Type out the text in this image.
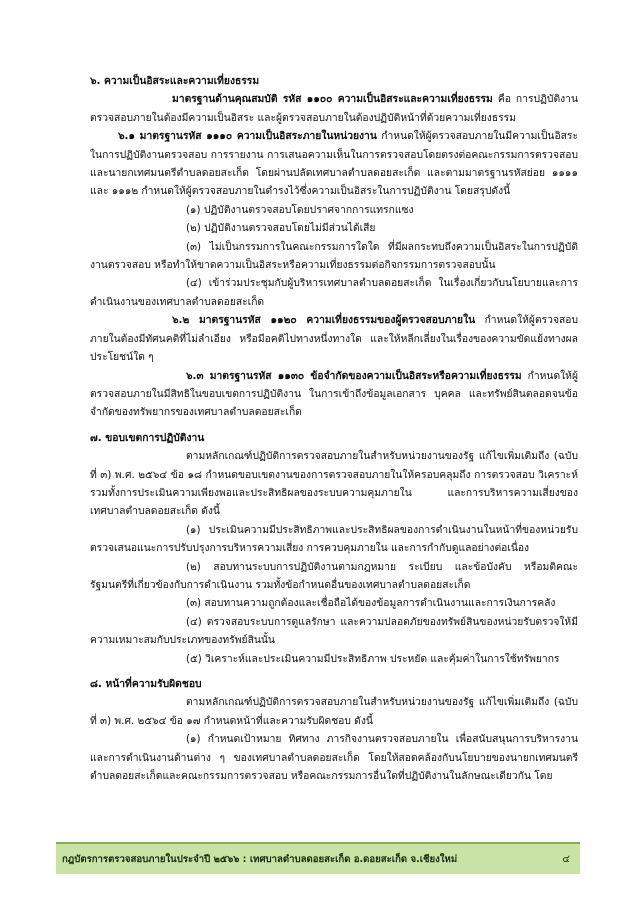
๖. ความเป็นอิสระและความเที่ยงธรรม

มาตรฐานด้านคุณสมบัติ รหัส ๑๑๐๐ ความเป็นอิสระและความเที่ยงธรรม คือ การปฏิบัติงานตรวจสอบภายในต้องมีความเป็นอิสระ และผู้ตรวจสอบภายในต้องปฏิบัติหน้าที่ด้วยความเที่ยงธรรม

๖.๑ มาตรฐานรหัส ๑๑๑๐ ความเป็นอิสระภายในหน่วยงาน กำหนดให้ผู้ตรวจสอบภายในมีความเป็นอิสระในการปฏิบัติงานตรวจสอบ การรายงาน การเสนอความเห็นในการตรวจสอบโดยตรงต่อคณะกรรมการตรวจสอบและนายกเทศมนตรีตำบลดอยสะเก็ด โดยผ่านปลัดเทศบาลตำบลดอยสะเก็ด และตามมาตรฐานรหัสย่อย ๑๑๑๑ และ ๑๑๑๒ กำหนดให้ผู้ตรวจสอบภายในดำรงไว้ซึ่งความเป็นอิสระในการปฏิบัติงาน โดยสรุปดังนี้

(๑) ปฏิบัติงานตรวจสอบโดยปราศจากการแทรกแซง

(๒) ปฏิบัติงานตรวจสอบโดยไม่มีส่วนได้เสีย

(๓) ไม่เป็นกรรมการในคณะกรรมการใดใด ที่มีผลกระทบถึงความเป็นอิสระในการปฏิบัติงานตรวจสอบ หรือทำให้ขาดความเป็นอิสระหรือความเที่ยงธรรมต่อกิจกรรมการตรวจสอบนั้น

(๔) เข้าร่วมประชุมกับผู้บริหารเทศบาลตำบลดอยสะเก็ด ในเรื่องเกี่ยวกับนโยบายและการดำเนินงานของเทศบาลตำบลดอยสะเก็ด

๖.๒ มาตรฐานรหัส ๑๑๒๐ ความเที่ยงธรรมของผู้ตรวจสอบภายใน กำหนดให้ผู้ตรวจสอบภายในต้องมีทัศนคติที่ไม่ลำเอียง หรือมีอคติไปทางหนึ่งทางใด และให้หลีกเลี่ยงในเรื่องของความขัดแย้งทางผลประโยชน์ใด ๆ

๖.๓ มาตรฐานรหัส ๑๑๓๐ ข้อจำกัดของความเป็นอิสระหรือความเที่ยงธรรม กำหนดให้ผู้ตรวจสอบภายในมีสิทธิในขอบเขตการปฏิบัติงาน ในการเข้าถึงข้อมูลเอกสาร บุคคล และทรัพย์สินตลอดจนข้อจำกัดของทรัพยากรของเทศบาลตำบลดอยสะเก็ด

๗. ขอบเขตการปฏิบัติงาน

ตามหลักเกณฑ์ปฏิบัติการตรวจสอบภายในสำหรับหน่วยงานของรัฐ แก้ไขเพิ่มเติมถึง (ฉบับที่ ๓) พ.ศ. ๒๕๖๔ ข้อ ๑๘ กำหนดขอบเขตงานของการตรวจสอบภายในให้ครอบคลุมถึง การตรวจสอบ วิเคราะห์ รวมทั้งการประเมินความเพียงพอและประสิทธิผลของระบบความคุมภายใน และการบริหารความเสี่ยงของเทศบาลตำบลดอยสะเก็ด ดังนี้

(๑) ประเมินความมีประสิทธิภาพและประสิทธิผลของการดำเนินงานในหน้าที่ของหน่วยรับตรวจเสนอแนะการปรับปรุงการบริหารความเสี่ยง การควบคุมภายใน และการกำกับดูแลอย่างต่อเนื่อง

(๒) สอบทานระบบการปฏิบัติงานตามกฎหมาย ระเบียบ และข้อบังคับ หรือมติคณะรัฐมนตรีที่เกี่ยวข้องกับการดำเนินงาน รวมทั้งข้อกำหนดอื่นของเทศบาลตำบลดอยสะเก็ด

(๓) สอบทานความถูกต้องและเชื่อถือได้ของข้อมูลการดำเนินงานและการเงินการคลัง

(๔) ตรวจสอบระบบการดูแลรักษา และความปลอดภัยของทรัพย์สินของหน่วยรับตรวจให้มีความเหมาะสมกับประเภทของทรัพย์สินนั้น

(๕) วิเคราะห์และประเมินความมีประสิทธิภาพ ประหยัด และคุ้มค่าในการใช้ทรัพยากร

๘. หน้าที่ความรับผิดชอบ

ตามหลักเกณฑ์ปฏิบัติการตรวจสอบภายในสำหรับหน่วยงานของรัฐ แก้ไขเพิ่มเติมถึง (ฉบับที่ ๓) พ.ศ. ๒๕๖๔ ข้อ ๑๗ กำหนดหน้าที่และความรับผิดชอบ ดังนี้

(๑) กำหนดเป้าหมาย ทิศทาง ภารกิจงานตรวจสอบภายใน เพื่อสนับสนุนการบริหารงาน และการดำเนินงานด้านต่าง ๆ ของเทศบาลตำบลดอยสะเก็ด โดยให้สอดคล้องกับนโยบายของนายกเทศมนตรีตำบลดอยสะเก็ดและคณะกรรมการตรวจสอบ หรือคณะกรรมการอื่นใดที่ปฏิบัติงานในลักษณะเดียวกัน โดย

กฎบัตรการตรวจสอบภายในประจำปี ๒๕๖๖ : เทศบาลตำบลดอยสะเก็ด อ.ดอยสะเก็ด จ.เชียงใหม่	๔
